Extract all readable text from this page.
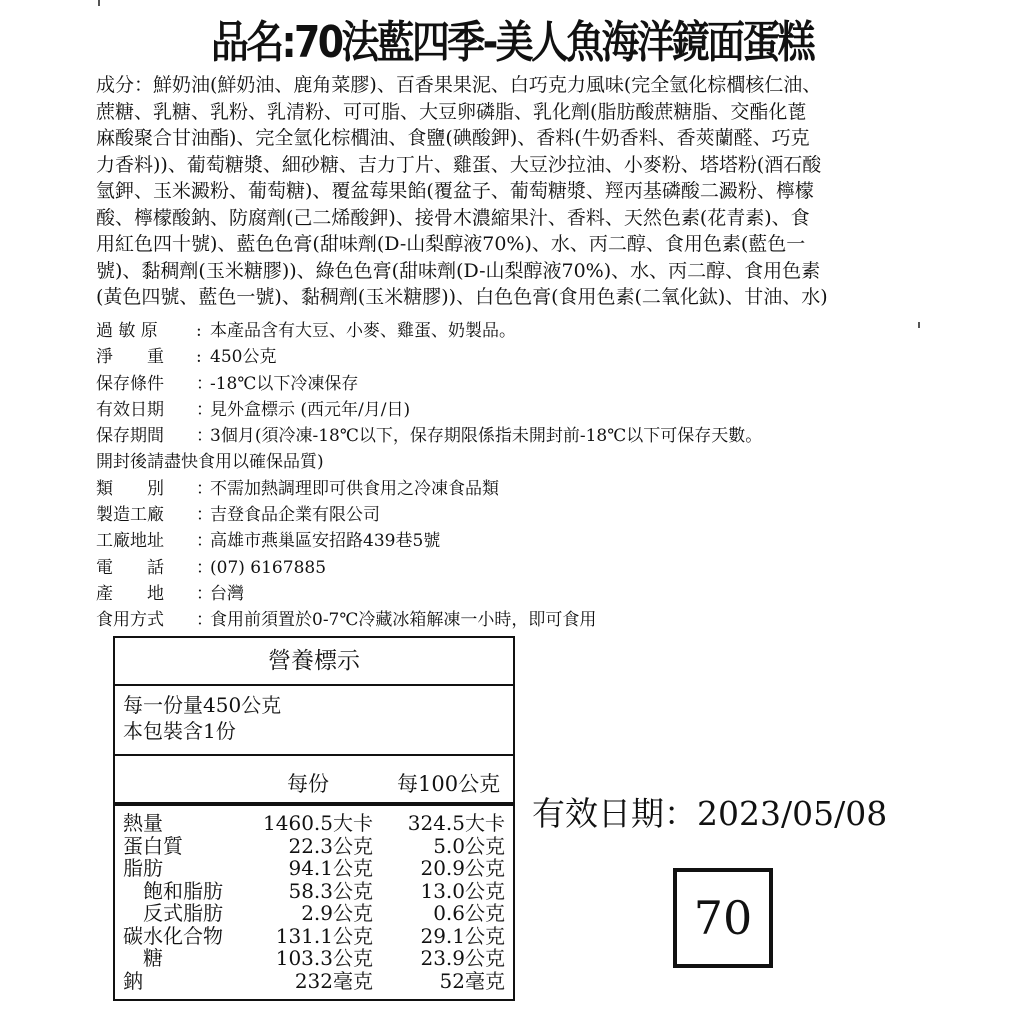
品名:70法藍四季-美人魚海洋鏡面蛋糕
成分：鮮奶油(鮮奶油、鹿角菜膠)、百香果果泥、白巧克力風味(完全氫化棕櫚核仁油、
蔗糖、乳糖、乳粉、乳清粉、可可脂、大豆卵磷脂、乳化劑(脂肪酸蔗糖脂、交酯化蓖
麻酸聚合甘油酯)、完全氫化棕櫚油、食鹽(碘酸鉀)、香料(牛奶香料、香莢蘭醛、巧克
力香料))、葡萄糖漿、細砂糖、吉力丁片、雞蛋、大豆沙拉油、小麥粉、塔塔粉(酒石酸
氫鉀、玉米澱粉、葡萄糖)、覆盆莓果餡(覆盆子、葡萄糖漿、羥丙基磷酸二澱粉、檸檬
酸、檸檬酸鈉、防腐劑(己二烯酸鉀)、接骨木濃縮果汁、香料、天然色素(花青素)、食
用紅色四十號)、藍色色膏(甜味劑(D-山梨醇液70%)、水、丙二醇、食用色素(藍色一
號)、黏稠劑(玉米糖膠))、綠色色膏(甜味劑(D-山梨醇液70%)、水、丙二醇、食用色素
(黃色四號、藍色一號)、黏稠劑(玉米糖膠))、白色色膏(食用色素(二氧化鈦)、甘油、水)
過 敏 原	: 本產品含有大豆、小麥、雞蛋、奶製品。
淨　　重	: 450公克
保存條件	：
-18℃以下冷凍保存
有效日期	：
見外盒標示 (西元年/月/日)
保存期間	：
3個月(須冷凍-18℃以下，保存期限係指未開封前-18℃以下可保存天數。
開封後請盡快食用以確保品質)
類　　別	：
不需加熱調理即可供食用之冷凍食品類
製造工廠	：
吉登食品企業有限公司
工廠地址	：
高雄市燕巢區安招路439巷5號
電　　話	：
(07) 6167885
產　　地	：
台灣
食用方式	：
食用前須置於0-7℃冷藏冰箱解凍一小時，即可食用
營養標示
每一份量450公克
本包裝含1份
每份	每100公克
熱量	1460.5大卡	324.5大卡
蛋白質	22.3公克	5.0公克
脂肪	94.1公克	20.9公克
　飽和脂肪	58.3公克	13.0公克
　反式脂肪	2.9公克	0.6公克
碳水化合物	131.1公克	29.1公克
　糖	103.3公克	23.9公克
鈉	232毫克	52毫克
有效日期：2023/05/08
70
